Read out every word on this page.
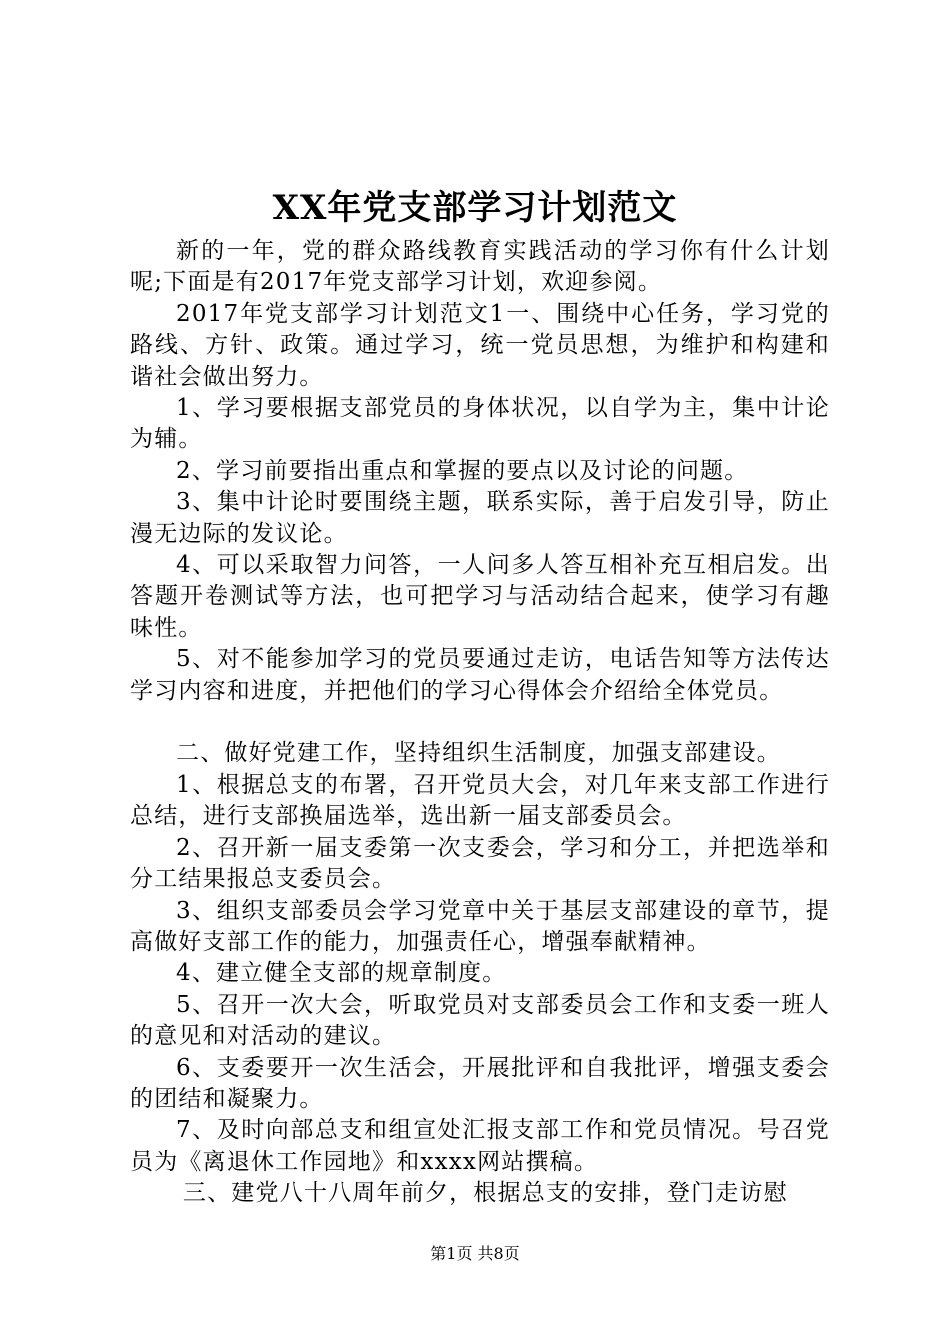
XX年党支部学习计划范文

新的一年，党的群众路线教育实践活动的学习你有什么计划呢;下面是有2017年党支部学习计划，欢迎参阅。

2017年党支部学习计划范文1一、围绕中心任务，学习党的路线、方针、政策。通过学习，统一党员思想，为维护和构建和谐社会做出努力。

1、学习要根据支部党员的身体状况，以自学为主，集中计论为辅。

2、学习前要指出重点和掌握的要点以及讨论的问题。

3、集中计论时要围绕主题，联系实际，善于启发引导，防止漫无边际的发议论。

4、可以采取智力问答，一人问多人答互相补充互相启发。出答题开卷测试等方法，也可把学习与活动结合起来，使学习有趣味性。

5、对不能参加学习的党员要通过走访，电话告知等方法传达学习内容和进度，并把他们的学习心得体会介绍给全体党员。

二、做好党建工作，坚持组织生活制度，加强支部建设。

1、根据总支的布署，召开党员大会，对几年来支部工作进行总结，进行支部换届选举，选出新一届支部委员会。

2、召开新一届支委第一次支委会，学习和分工，并把选举和分工结果报总支委员会。

3、组织支部委员会学习党章中关于基层支部建设的章节，提高做好支部工作的能力，加强责任心，增强奉献精神。

4、建立健全支部的规章制度。

5、召开一次大会，听取党员对支部委员会工作和支委一班人的意见和对活动的建议。

6、支委要开一次生活会，开展批评和自我批评，增强支委会的团结和凝聚力。

7、及时向部总支和组宣处汇报支部工作和党员情况。号召党员为《离退休工作园地》和xxxx网站撰稿。

三、建党八十八周年前夕，根据总支的安排，登门走访慰

第1页 共8页
